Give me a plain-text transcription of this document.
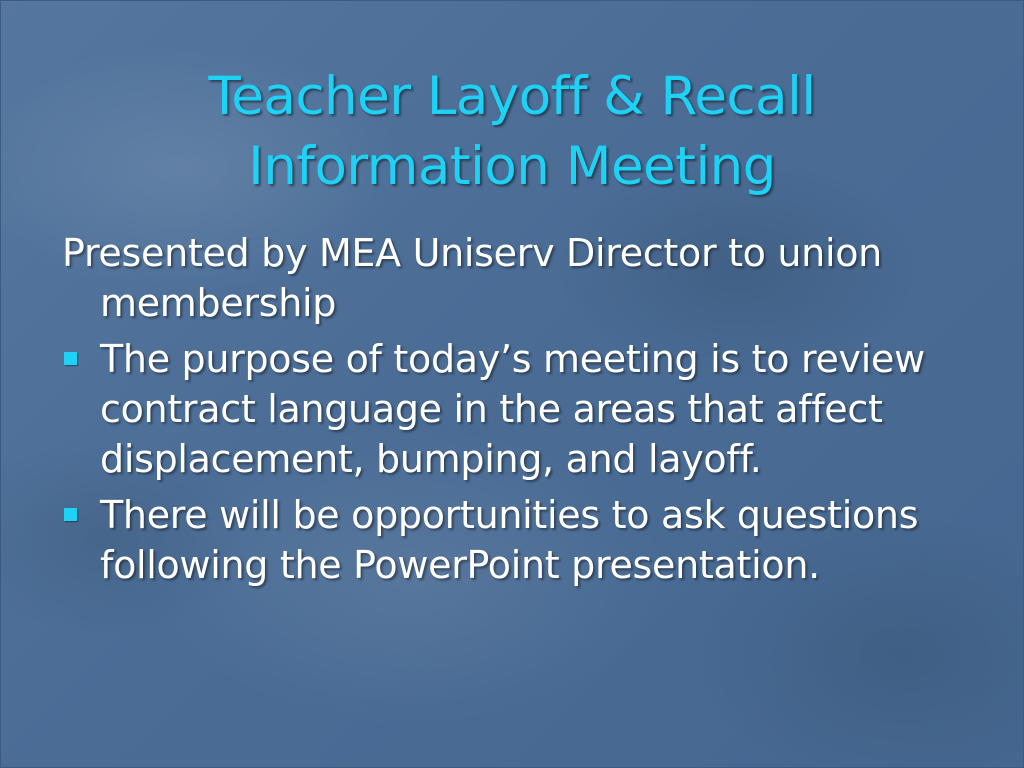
Teacher Layoff & Recall
Information Meeting

Presented by MEA Uniserv Director to union membership

The purpose of today’s meeting is to review contract language in the areas that affect displacement, bumping, and layoff.
There will be opportunities to ask questions following the PowerPoint presentation.
